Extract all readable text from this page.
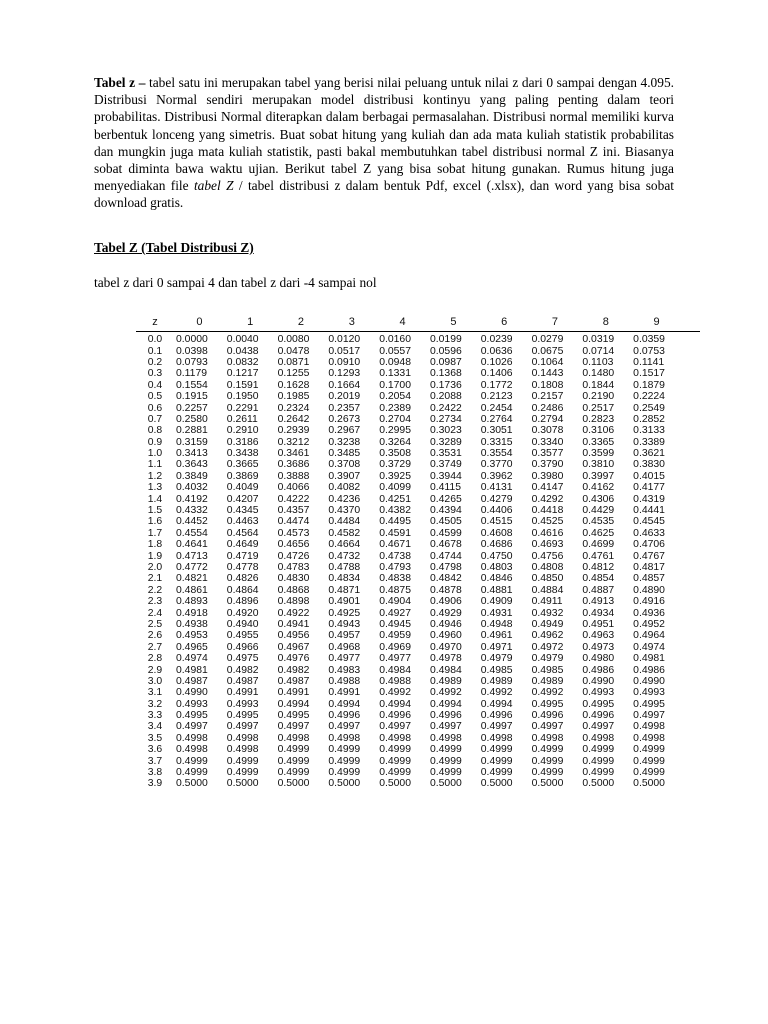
Tabel z – tabel satu ini merupakan tabel yang berisi nilai peluang untuk nilai z dari 0 sampai dengan 4.095. Distribusi Normal sendiri merupakan model distribusi kontinyu yang paling penting dalam teori probabilitas. Distribusi Normal diterapkan dalam berbagai permasalahan. Distribusi normal memiliki kurva berbentuk lonceng yang simetris. Buat sobat hitung yang kuliah dan ada mata kuliah statistik probabilitas dan mungkin juga mata kuliah statistik, pasti bakal membutuhkan tabel distribusi normal Z ini. Biasanya sobat diminta bawa waktu ujian. Berikut tabel Z yang bisa sobat hitung gunakan. Rumus hitung juga menyediakan file tabel Z / tabel distribusi z dalam bentuk Pdf, excel (.xlsx), dan word yang bisa sobat download gratis.

Tabel Z (Tabel Distribusi Z)
tabel z dari 0 sampai 4 dan tabel z dari -4 sampai nol
z	0	1	2	3	4	5	6	7	8	9
0.0	0.0000	0.0040	0.0080	0.0120	0.0160	0.0199	0.0239	0.0279	0.0319	0.0359
0.1	0.0398	0.0438	0.0478	0.0517	0.0557	0.0596	0.0636	0.0675	0.0714	0.0753
0.2	0.0793	0.0832	0.0871	0.0910	0.0948	0.0987	0.1026	0.1064	0.1103	0.1141
0.3	0.1179	0.1217	0.1255	0.1293	0.1331	0.1368	0.1406	0.1443	0.1480	0.1517
0.4	0.1554	0.1591	0.1628	0.1664	0.1700	0.1736	0.1772	0.1808	0.1844	0.1879
0.5	0.1915	0.1950	0.1985	0.2019	0.2054	0.2088	0.2123	0.2157	0.2190	0.2224
0.6	0.2257	0.2291	0.2324	0.2357	0.2389	0.2422	0.2454	0.2486	0.2517	0.2549
0.7	0.2580	0.2611	0.2642	0.2673	0.2704	0.2734	0.2764	0.2794	0.2823	0.2852
0.8	0.2881	0.2910	0.2939	0.2967	0.2995	0.3023	0.3051	0.3078	0.3106	0.3133
0.9	0.3159	0.3186	0.3212	0.3238	0.3264	0.3289	0.3315	0.3340	0.3365	0.3389
1.0	0.3413	0.3438	0.3461	0.3485	0.3508	0.3531	0.3554	0.3577	0.3599	0.3621
1.1	0.3643	0.3665	0.3686	0.3708	0.3729	0.3749	0.3770	0.3790	0.3810	0.3830
1.2	0.3849	0.3869	0.3888	0.3907	0.3925	0.3944	0.3962	0.3980	0.3997	0.4015
1.3	0.4032	0.4049	0.4066	0.4082	0.4099	0.4115	0.4131	0.4147	0.4162	0.4177
1.4	0.4192	0.4207	0.4222	0.4236	0.4251	0.4265	0.4279	0.4292	0.4306	0.4319
1.5	0.4332	0.4345	0.4357	0.4370	0.4382	0.4394	0.4406	0.4418	0.4429	0.4441
1.6	0.4452	0.4463	0.4474	0.4484	0.4495	0.4505	0.4515	0.4525	0.4535	0.4545
1.7	0.4554	0.4564	0.4573	0.4582	0.4591	0.4599	0.4608	0.4616	0.4625	0.4633
1.8	0.4641	0.4649	0.4656	0.4664	0.4671	0.4678	0.4686	0.4693	0.4699	0.4706
1.9	0.4713	0.4719	0.4726	0.4732	0.4738	0.4744	0.4750	0.4756	0.4761	0.4767
2.0	0.4772	0.4778	0.4783	0.4788	0.4793	0.4798	0.4803	0.4808	0.4812	0.4817
2.1	0.4821	0.4826	0.4830	0.4834	0.4838	0.4842	0.4846	0.4850	0.4854	0.4857
2.2	0.4861	0.4864	0.4868	0.4871	0.4875	0.4878	0.4881	0.4884	0.4887	0.4890
2.3	0.4893	0.4896	0.4898	0.4901	0.4904	0.4906	0.4909	0.4911	0.4913	0.4916
2.4	0.4918	0.4920	0.4922	0.4925	0.4927	0.4929	0.4931	0.4932	0.4934	0.4936
2.5	0.4938	0.4940	0.4941	0.4943	0.4945	0.4946	0.4948	0.4949	0.4951	0.4952
2.6	0.4953	0.4955	0.4956	0.4957	0.4959	0.4960	0.4961	0.4962	0.4963	0.4964
2.7	0.4965	0.4966	0.4967	0.4968	0.4969	0.4970	0.4971	0.4972	0.4973	0.4974
2.8	0.4974	0.4975	0.4976	0.4977	0.4977	0.4978	0.4979	0.4979	0.4980	0.4981
2.9	0.4981	0.4982	0.4982	0.4983	0.4984	0.4984	0.4985	0.4985	0.4986	0.4986
3.0	0.4987	0.4987	0.4987	0.4988	0.4988	0.4989	0.4989	0.4989	0.4990	0.4990
3.1	0.4990	0.4991	0.4991	0.4991	0.4992	0.4992	0.4992	0.4992	0.4993	0.4993
3.2	0.4993	0.4993	0.4994	0.4994	0.4994	0.4994	0.4994	0.4995	0.4995	0.4995
3.3	0.4995	0.4995	0.4995	0.4996	0.4996	0.4996	0.4996	0.4996	0.4996	0.4997
3.4	0.4997	0.4997	0.4997	0.4997	0.4997	0.4997	0.4997	0.4997	0.4997	0.4998
3.5	0.4998	0.4998	0.4998	0.4998	0.4998	0.4998	0.4998	0.4998	0.4998	0.4998
3.6	0.4998	0.4998	0.4999	0.4999	0.4999	0.4999	0.4999	0.4999	0.4999	0.4999
3.7	0.4999	0.4999	0.4999	0.4999	0.4999	0.4999	0.4999	0.4999	0.4999	0.4999
3.8	0.4999	0.4999	0.4999	0.4999	0.4999	0.4999	0.4999	0.4999	0.4999	0.4999
3.9	0.5000	0.5000	0.5000	0.5000	0.5000	0.5000	0.5000	0.5000	0.5000	0.5000
